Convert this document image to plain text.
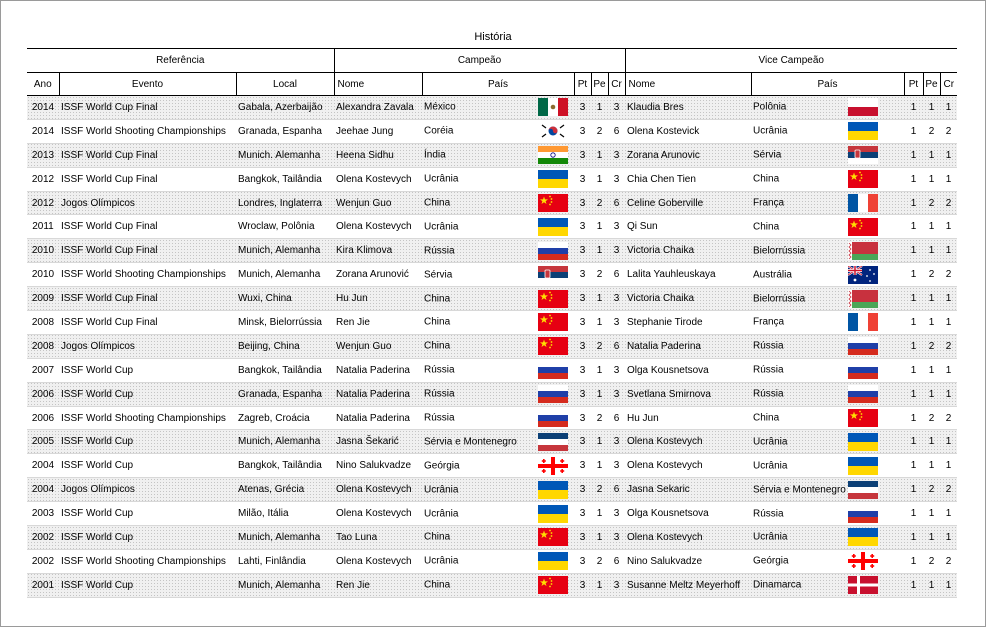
História
Referência			Campeão					Vice Campeão				
Ano	Evento	Local	Nome	País	Pt	Pe	Cr	Nome	País	Pt	Pe	Cr
2014	ISSF World Cup Final	Gabala, Azerbaijão	Alexandra Zavala	México	3	1	3	Klaudia Bres	Polônia	1	1	1
2014	ISSF World Shooting Championships	Granada, Espanha	Jeehae Jung	Coréia	3	2	6	Olena Kostevick	Ucrânia	1	2	2
2013	ISSF World Cup Final	Munich. Alemanha	Heena Sidhu	Índia	3	1	3	Zorana Arunovic	Sérvia	1	1	1
2012	ISSF World Cup Final	Bangkok, Tailândia	Olena Kostevych	Ucrânia	3	1	3	Chia Chen Tien	China	1	1	1
2012	Jogos Olímpicos	Londres, Inglaterra	Wenjun Guo	China	3	2	6	Celine Goberville	França	1	2	2
2011	ISSF World Cup Final	Wroclaw, Polônia	Olena Kostevych	Ucrânia	3	1	3	Qi Sun	China	1	1	1
2010	ISSF World Cup Final	Munich, Alemanha	Kira Klimova	Rússia	3	1	3	Victoria Chaika	Bielorrússia	1	1	1
2010	ISSF World Shooting Championships	Munich, Alemanha	Zorana Arunović	Sérvia	3	2	6	Lalita Yauhleuskaya	Austrália	1	2	2
2009	ISSF World Cup Final	Wuxi, China	Hu Jun	China	3	1	3	Victoria Chaika	Bielorrússia	1	1	1
2008	ISSF World Cup Final	Minsk, Bielorrússia	Ren Jie	China	3	1	3	Stephanie Tirode	França	1	1	1
2008	Jogos Olímpicos	Beijing, China	Wenjun Guo	China	3	2	6	Natalia Paderina	Rússia	1	2	2
2007	ISSF World Cup	Bangkok, Tailândia	Natalia Paderina	Rússia	3	1	3	Olga Kousnetsova	Rússia	1	1	1
2006	ISSF World Cup	Granada, Espanha	Natalia Paderina	Rússia	3	1	3	Svetlana Smirnova	Rússia	1	1	1
2006	ISSF World Shooting Championships	Zagreb, Croácia	Natalia Paderina	Rússia	3	2	6	Hu Jun	China	1	2	2
2005	ISSF World Cup	Munich, Alemanha	Jasna Šekarić	Sérvia e Montenegro	3	1	3	Olena Kostevych	Ucrânia	1	1	1
2004	ISSF World Cup	Bangkok, Tailândia	Nino Salukvadze	Geórgia	3	1	3	Olena Kostevych	Ucrânia	1	1	1
2004	Jogos Olímpicos	Atenas, Grécia	Olena Kostevych	Ucrânia	3	2	6	Jasna Sekaric	Sérvia e Montenegro	1	2	2
2003	ISSF World Cup	Milão, Itália	Olena Kostevych	Ucrânia	3	1	3	Olga Kousnetsova	Rússia	1	1	1
2002	ISSF World Cup	Munich, Alemanha	Tao Luna	China	3	1	3	Olena Kostevych	Ucrânia	1	1	1
2002	ISSF World Shooting Championships	Lahti, Finlândia	Olena Kostevych	Ucrânia	3	2	6	Nino Salukvadze	Geórgia	1	2	2
2001	ISSF World Cup	Munich, Alemanha	Ren Jie	China	3	1	3	Susanne Meltz Meyerhoff	Dinamarca	1	1	1
